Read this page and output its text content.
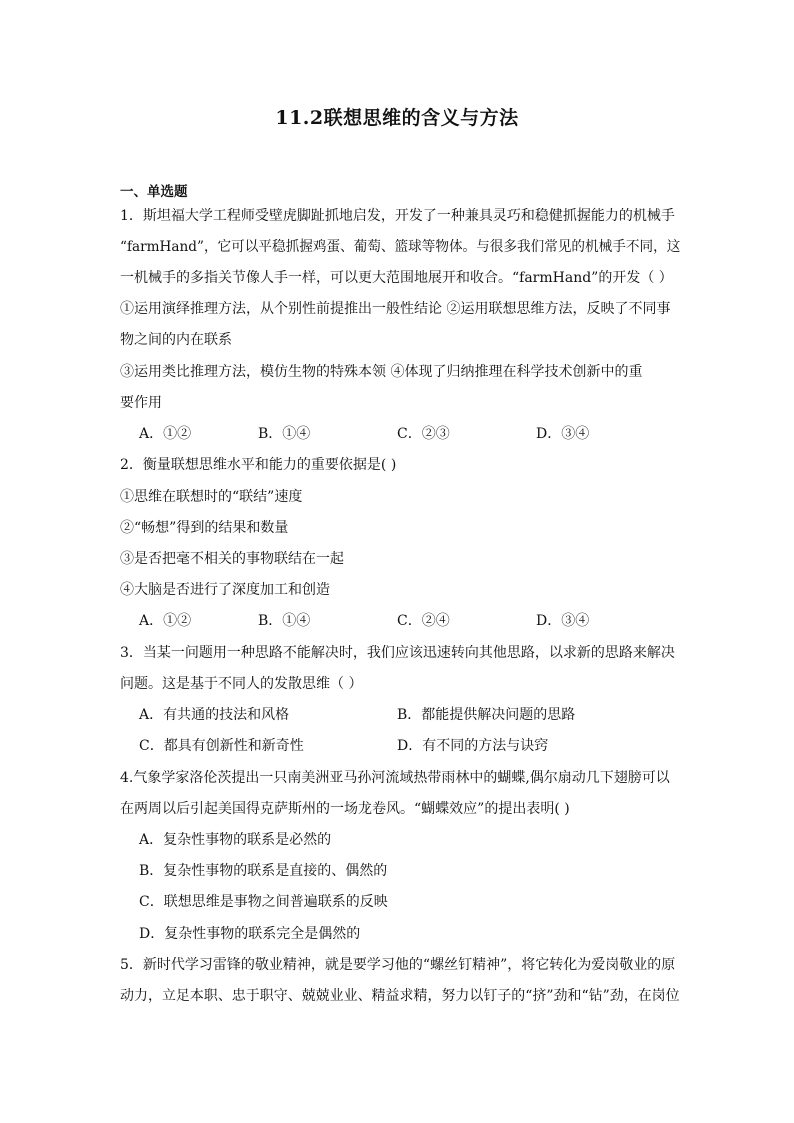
11.2联想思维的含义与方法
一、单选题
1．斯坦福大学工程师受壁虎脚趾抓地启发，开发了一种兼具灵巧和稳健抓握能力的机械手
“farmHand”，它可以平稳抓握鸡蛋、葡萄、篮球等物体。与很多我们常见的机械手不同，这
一机械手的多指关节像人手一样，可以更大范围地展开和收合。“farmHand”的开发（ ）
①运用演绎推理方法，从个别性前提推出一般性结论 ②运用联想思维方法，反映了不同事
物之间的内在联系
③运用类比推理方法，模仿生物的特殊本领 ④体现了归纳推理在科学技术创新中的重
要作用
A．①②	B．①④	C．②③	D．③④
2．衡量联想思维水平和能力的重要依据是( )
①思维在联想时的“联结”速度
②“畅想”得到的结果和数量
③是否把毫不相关的事物联结在一起
④大脑是否进行了深度加工和创造
A．①②	B．①④	C．②④	D．③④
3．当某一问题用一种思路不能解决时，我们应该迅速转向其他思路，以求新的思路来解决
问题。这是基于不同人的发散思维（ ）
A．有共通的技法和风格	B．都能提供解决问题的思路
C．都具有创新性和新奇性	D．有不同的方法与诀窍
4.气象学家洛伦茨提出一只南美洲亚马孙河流域热带雨林中的蝴蝶,偶尔扇动几下翅膀可以
在两周以后引起美国得克萨斯州的一场龙卷风。“蝴蝶效应”的提出表明( )
A．复杂性事物的联系是必然的
B．复杂性事物的联系是直接的、偶然的
C．联想思维是事物之间普遍联系的反映
D．复杂性事物的联系完全是偶然的
5．新时代学习雷锋的敬业精神，就是要学习他的“螺丝钉精神”，将它转化为爱岗敬业的原
动力，立足本职、忠于职守、兢兢业业、精益求精，努力以钉子的“挤”劲和“钻”劲，在岗位
